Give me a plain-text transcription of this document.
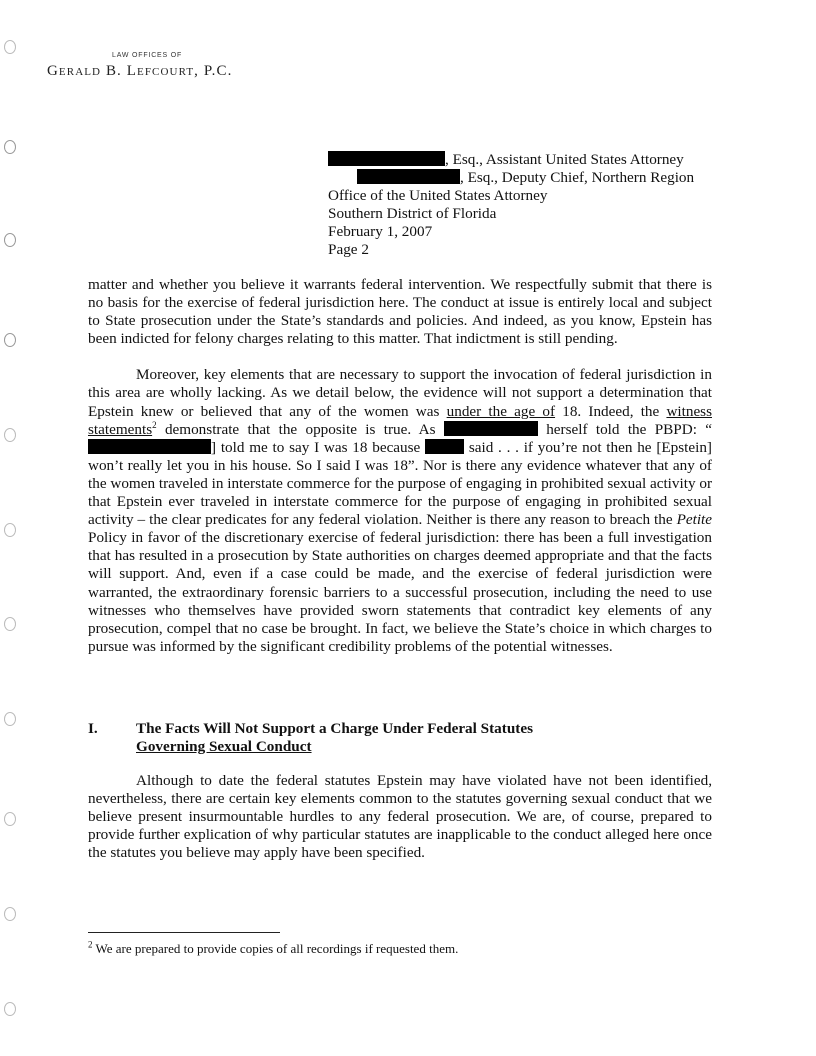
LAW OFFICES OF
Gerald B. Lefcourt, P.C.
, Esq., Assistant United States Attorney
, Esq., Deputy Chief, Northern Region
Office of the United States Attorney
Southern District of Florida
February 1, 2007
Page 2

matter and whether you believe it warrants federal intervention. We respectfully submit that there is no basis for the exercise of federal jurisdiction here. The conduct at issue is entirely local and subject to State prosecution under the State’s standards and policies. And indeed, as you know, Epstein has been indicted for felony charges relating to this matter. That indictment is still pending.

Moreover, key elements that are necessary to support the invocation of federal jurisdiction in this area are wholly lacking. As we detail below, the evidence will not support a determination that Epstein knew or believed that any of the women was under the age of 18. Indeed, the witness statements$^2$ demonstrate that the opposite is true. As	herself told the PBPD: “] told me to say I was 18 because	said . . . if you’re not then he [Epstein] won’t really let you in his house. So I said I was 18”. Nor is there any evidence whatever that any of the women traveled in interstate commerce for the purpose of engaging in prohibited sexual activity or that Epstein ever traveled in interstate commerce for the purpose of engaging in prohibited sexual activity – the clear predicates for any federal violation. Neither is there any reason to breach the Petite Policy in favor of the discretionary exercise of federal jurisdiction: there has been a full investigation that has resulted in a prosecution by State authorities on charges deemed appropriate and that the facts will support. And, even if a case could be made, and the exercise of federal jurisdiction were warranted, the extraordinary forensic barriers to a successful prosecution, including the need to use witnesses who themselves have provided sworn statements that contradict key elements of any prosecution, compel that no case be brought. In fact, we believe the State’s choice in which charges to pursue was informed by the significant credibility problems of the potential witnesses.

I.	The Facts Will Not Support a Charge Under Federal Statutes
Governing Sexual Conduct

Although to date the federal statutes Epstein may have violated have not been identified, nevertheless, there are certain key elements common to the statutes governing sexual conduct that we believe present insurmountable hurdles to any federal prosecution. We are, of course, prepared to provide further explication of why particular statutes are inapplicable to the conduct alleged here once the statutes you believe may apply have been specified.

$^2$ We are prepared to provide copies of all recordings if requested them.
